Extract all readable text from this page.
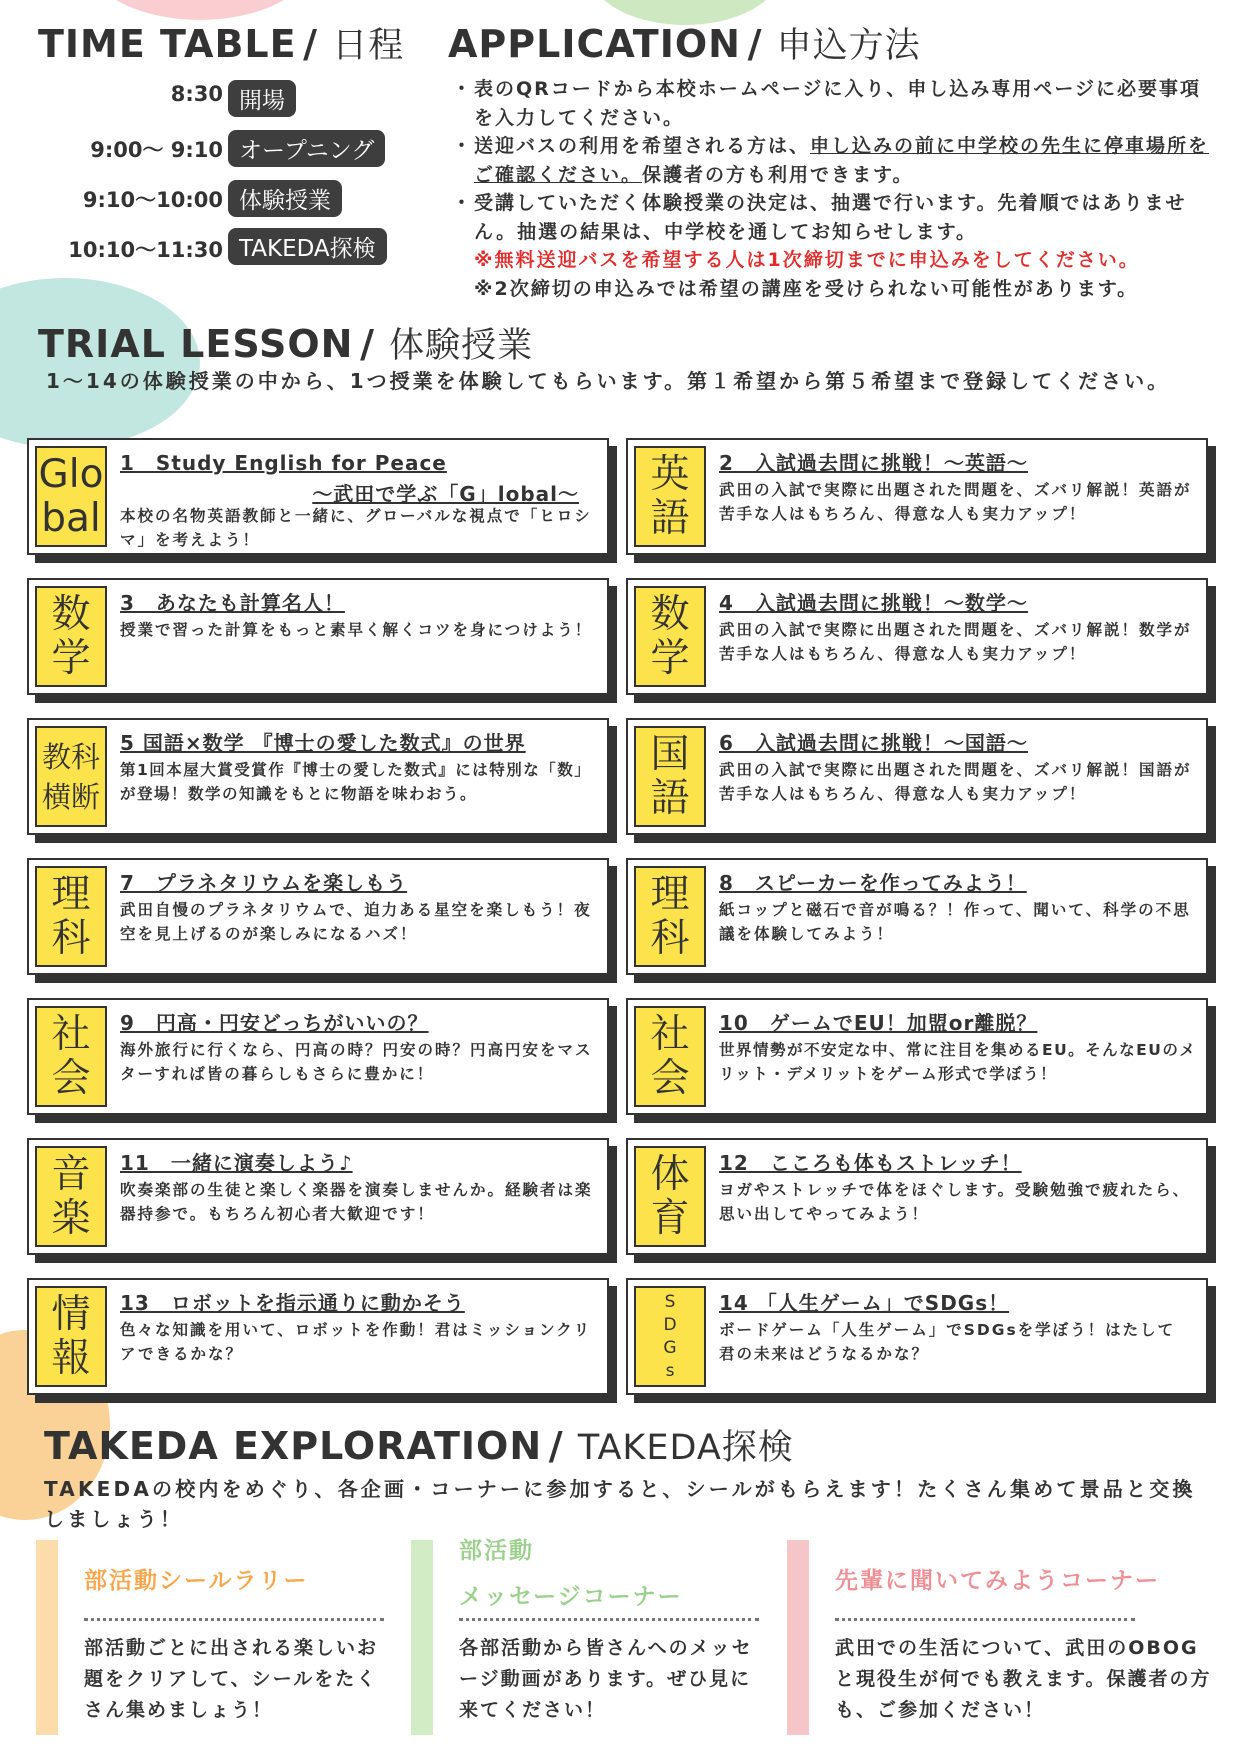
TIME TABLE / 日程
8:30 開場
9:00〜 9:10 オープニング
9:10〜10:00 体験授業
10:10〜11:30 TAKEDA探検
APPLICATION / 申込方法
・ 表のQRコードから本校ホームページに入り、申し込み専用ページに必要事項を入力してください。
・ 送迎バスの利用を希望される方は、申し込みの前に中学校の先生に停車場所をご確認ください。保護者の方も利用できます。
・ 受講していただく体験授業の決定は、抽選で行います。先着順ではありません。抽選の結果は、中学校を通してお知らせします。
※無料送迎バスを希望する人は1次締切までに申込みをしてください。
※2次締切の申込みでは希望の講座を受けられない可能性があります。
TRIAL LESSON / 体験授業
1〜14の体験授業の中から、1つ授業を体験してもらいます。第１希望から第５希望まで登録してください。
Glo
bal
1　Study English for Peace
〜武田で学ぶ「G」lobal〜
本校の名物英語教師と一緒に、グローバルな視点で「ヒロシマ」を考えよう！
英
語
2　入試過去問に挑戦！〜英語〜
武田の入試で実際に出題された問題を、ズバリ解説！英語が苦手な人はもちろん、得意な人も実力アップ！
数
学
3　あなたも計算名人！
授業で習った計算をもっと素早く解くコツを身につけよう！ 数
学
4　入試過去問に挑戦！〜数学〜
武田の入試で実際に出題された問題を、ズバリ解説！数学が苦手な人はもちろん、得意な人も実力アップ！
教科
横断
5 国語×数学 『博士の愛した数式』の世界
第1回本屋大賞受賞作『博士の愛した数式』には特別な「数」が登場！数学の知識をもとに物語を味わおう。
国
語
6　入試過去問に挑戦！〜国語〜
武田の入試で実際に出題された問題を、ズバリ解説！国語が苦手な人はもちろん、得意な人も実力アップ！
理
科
7　プラネタリウムを楽しもう
武田自慢のプラネタリウムで、迫力ある星空を楽しもう！夜空を見上げるのが楽しみになるハズ！
理
科
8　スピーカーを作ってみよう！
紙コップと磁石で音が鳴る？！作って、聞いて、科学の不思議を体験してみよう！
社
会
9　円高・円安どっちがいいの？
海外旅行に行くなら、円高の時？円安の時？円高円安をマスターすれば皆の暮らしもさらに豊かに！
社
会
10　ゲームでEU！加盟or離脱？
世界情勢が不安定な中、常に注目を集めるEU。そんなEUのメリット・デメリットをゲーム形式で学ぼう！
音
楽
11　一緒に演奏しよう♪
吹奏楽部の生徒と楽しく楽器を演奏しませんか。経験者は楽器持参で。もちろん初心者大歓迎です！
体
育
12　こころも体もストレッチ！
ヨガやストレッチで体をほぐします。受験勉強で疲れたら、思い出してやってみよう！
情
報
13　ロボットを指示通りに動かそう
色々な知識を用いて、ロボットを作動！君はミッションクリアできるかな？
S
D
G
s
14 「人生ゲーム」でSDGs！
ボードゲーム「人生ゲーム」でSDGsを学ぼう！はたして君の未来はどうなるかな？
TAKEDA EXPLORATION / TAKEDA探検
TAKEDAの校内をめぐり、各企画・コーナーに参加すると、シールがもらえます！たくさん集めて景品と交換しましょう！
部活動シールラリー
部活動ごとに出される楽しいお題をクリアして、シールをたくさん集めましょう！
部活動
メッセージコーナー
各部活動から皆さんへのメッセージ動画があります。ぜひ見に来てください！
先輩に聞いてみようコーナー
武田での生活について、武田のOBOGと現役生が何でも教えます。保護者の方も、ご参加ください！
